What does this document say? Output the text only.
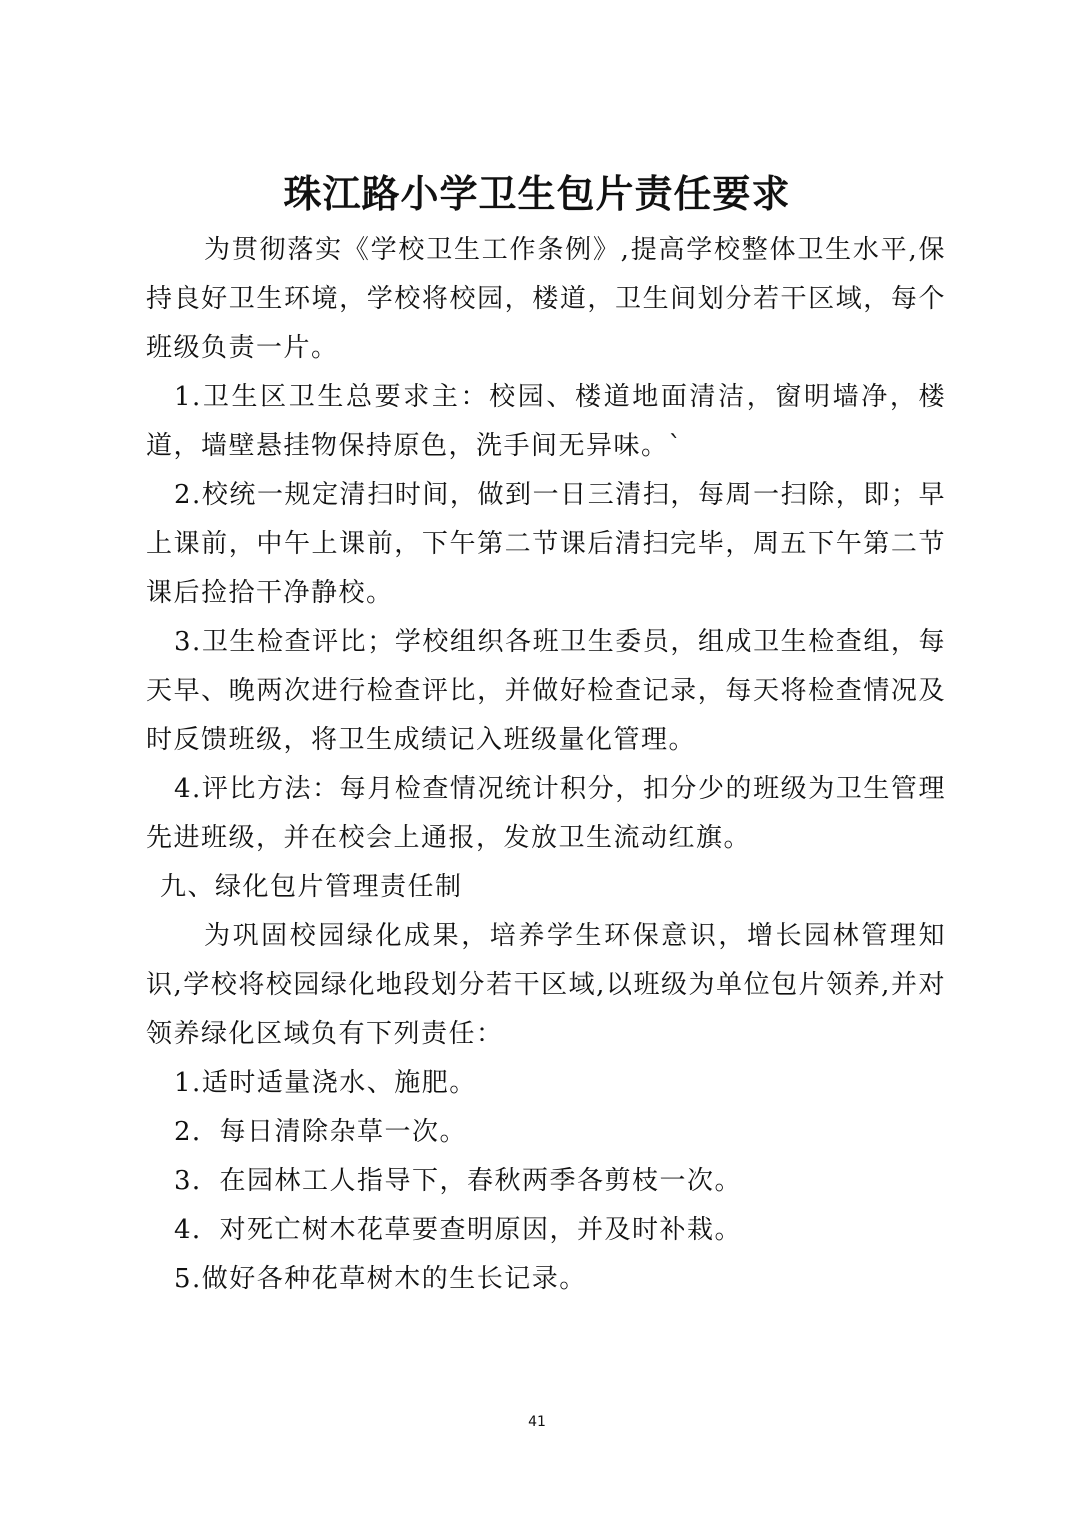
珠江路小学卫生包片责任要求

为贯彻落实《学校卫生工作条例》,提高学校整体卫生水平,保持良好卫生环境，学校将校园，楼道，卫生间划分若干区域，每个班级负责一片。

1.卫生区卫生总要求主：校园、楼道地面清洁，窗明墙净，楼道，墙壁悬挂物保持原色，洗手间无异味。`

2.校统一规定清扫时间，做到一日三清扫，每周一扫除，即；早上课前，中午上课前，下午第二节课后清扫完毕，周五下午第二节课后捡拾干净静校。

3.卫生检查评比；学校组织各班卫生委员，组成卫生检查组，每天早、晚两次进行检查评比，并做好检查记录，每天将检查情况及时反馈班级，将卫生成绩记入班级量化管理。

4.评比方法：每月检查情况统计积分，扣分少的班级为卫生管理先进班级，并在校会上通报，发放卫生流动红旗。

九、绿化包片管理责任制

为巩固校园绿化成果，培养学生环保意识，增长园林管理知识,学校将校园绿化地段划分若干区域,以班级为单位包片领养,并对领养绿化区域负有下列责任：

1.适时适量浇水、施肥。

2．每日清除杂草一次。

3．在园林工人指导下，春秋两季各剪枝一次。

4．对死亡树木花草要查明原因，并及时补栽。

5.做好各种花草树木的生长记录。

41
